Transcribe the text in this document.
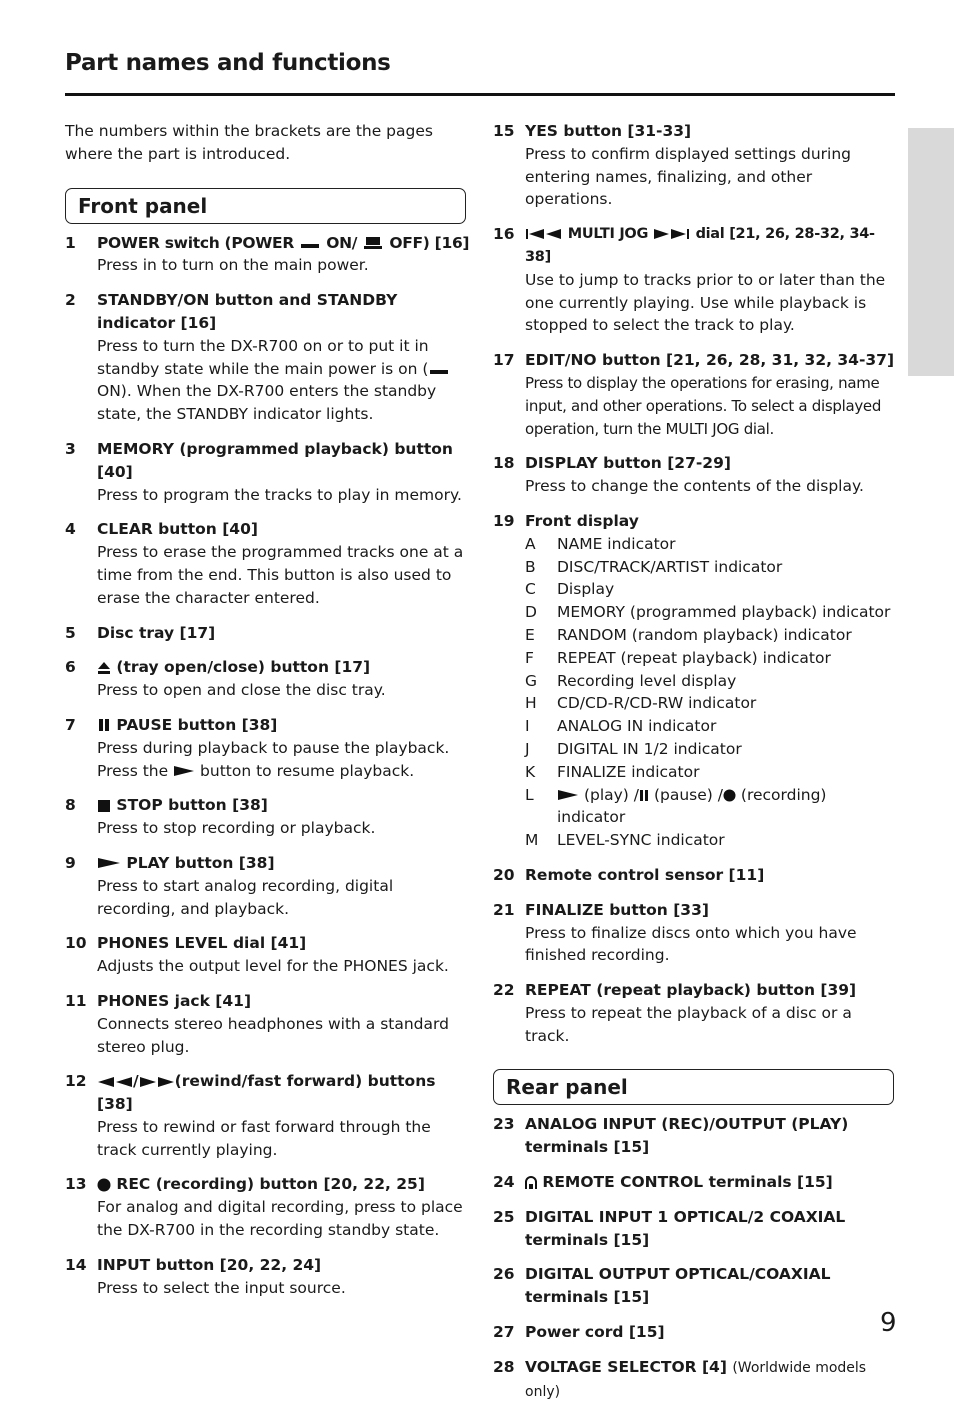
Part names and functions
The numbers within the brackets are the pages where the part is introduced.
Front panel
1 POWER switch (POWER ON/ OFF) [16]
Press in to turn on the main power.
2 STANDBY/ON button and STANDBY indicator [16]
Press to turn the DX-R700 on or to put it in standby state while the main power is on (
ON). When the DX-R700 enters the standby state, the STANDBY indicator lights.
3 MEMORY (programmed playback) button [40]
Press to program the tracks to play in memory.
4 CLEAR button [40]
Press to erase the programmed tracks one at a time from the end. This button is also used to erase the character entered.
5 Disc tray [17]
6	(tray open/close) button [17]
Press to open and close the disc tray.
7	PAUSE button [38]
Press during playback to pause the playback. Press the button to resume playback.
8	STOP button [38]
Press to stop recording or playback.
9	PLAY button [38]
Press to start analog recording, digital recording, and playback.
10 PHONES LEVEL dial [41]
Adjusts the output level for the PHONES jack.
11 PHONES jack [41]
Connects stereo headphones with a standard stereo plug.
12	/ (rewind/fast forward) buttons [38]
Press to rewind or fast forward through the track currently playing.
13	REC (recording) button [20, 22, 25]
For analog and digital recording, press to place the DX-R700 in the recording standby state.
14 INPUT button [20, 22, 24]
Press to select the input source.
15 YES button [31-33]
Press to confirm displayed settings during entering names, finalizing, and other operations.
16	MULTI JOG	dial [21, 26, 28-32, 34-38]
Use to jump to tracks prior to or later than the one currently playing. Use while playback is stopped to select the track to play.
17 EDIT/NO button [21, 26, 28, 31, 32, 34-37]
Press to display the operations for erasing, name input, and other operations. To select a displayed operation, turn the MULTI JOG dial.
18 DISPLAY button [27-29]
Press to change the contents of the display.
19 Front display
A NAME indicator
B DISC/TRACK/ARTIST indicator
C Display
D MEMORY (programmed playback) indicator
E RANDOM (random playback) indicator
F REPEAT (repeat playback) indicator
G Recording level display
H CD/CD-R/CD-RW indicator
I ANALOG IN indicator
J DIGITAL IN 1/2 indicator
K FINALIZE indicator
L	(play) / (pause) / (recording) indicator
M LEVEL-SYNC indicator
20 Remote control sensor [11]
21 FINALIZE button [33]
Press to finalize discs onto which you have finished recording.
22 REPEAT (repeat playback) button [39]
Press to repeat the playback of a disc or a track.
Rear panel
23 ANALOG INPUT (REC)/OUTPUT (PLAY) terminals [15]
24	REMOTE CONTROL terminals [15]
25 DIGITAL INPUT 1 OPTICAL/2 COAXIAL terminals [15]
26 DIGITAL OUTPUT OPTICAL/COAXIAL terminals [15]
27 Power cord [15]
28 VOLTAGE SELECTOR [4] (Worldwide models only)
9
